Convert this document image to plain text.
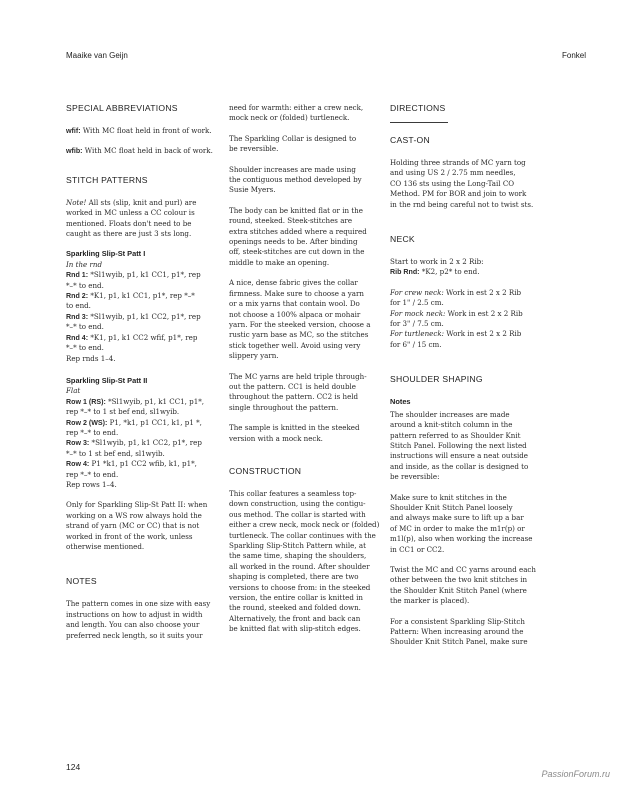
Maaike van Geijn	Fonkel
SPECIAL ABBREVIATIONS
wfif: With MC float held in front of work.
wfib: With MC float held in back of work.
STITCH PATTERNS
Note! All sts (slip, knit and purl) are
worked in MC unless a CC colour is
mentioned. Floats don't need to be
caught as there are just 3 sts long.
Sparkling Slip-St Patt I
In the rnd
Rnd 1: *Sl1wyib, p1, k1 CC1, p1*, rep
*–* to end.
Rnd 2: *K1, p1, k1 CC1, p1*, rep *–*
to end.
Rnd 3: *Sl1wyib, p1, k1 CC2, p1*, rep
*–* to end.
Rnd 4: *K1, p1, k1 CC2 wfif, p1*, rep
*–* to end.
Rep rnds 1–4.
Sparkling Slip-St Patt II
Flat
Row 1 (RS): *Sl1wyib, p1, k1 CC1, p1*,
rep *–* to 1 st bef end, sl1wyib.
Row 2 (WS): P1, *k1, p1 CC1, k1, p1 *,
rep *–* to end.
Row 3: *Sl1wyib, p1, k1 CC2, p1*, rep
*–* to 1 st bef end, sl1wyib.
Row 4: P1 *k1, p1 CC2 wfib, k1, p1*,
rep *–* to end.
Rep rows 1–4.
Only for Sparkling Slip-St Patt II: when
working on a WS row always hold the
strand of yarn (MC or CC) that is not
worked in front of the work, unless
otherwise mentioned.
NOTES
The pattern comes in one size with easy
instructions on how to adjust in width
and length. You can also choose your
preferred neck length, so it suits your
need for warmth: either a crew neck,
mock neck or (folded) turtleneck.
The Sparkling Collar is designed to
be reversible.
Shoulder increases are made using
the contiguous method developed by
Susie Myers.
The body can be knitted flat or in the
round, steeked. Steek-stitches are
extra stitches added where a required
openings needs to be. After binding
off, steek-stitches are cut down in the
middle to make an opening.
A nice, dense fabric gives the collar
firmness. Make sure to choose a yarn
or a mix yarns that contain wool. Do
not choose a 100% alpaca or mohair
yarn. For the steeked version, choose a
rustic yarn base as MC, so the stitches
stick together well. Avoid using very
slippery yarn.
The MC yarns are held triple through-
out the pattern. CC1 is held double
throughout the pattern. CC2 is held
single throughout the pattern.
The sample is knitted in the steeked
version with a mock neck.
CONSTRUCTION
This collar features a seamless top-
down construction, using the contigu-
ous method. The collar is started with
either a crew neck, mock neck or (folded)
turtleneck. The collar continues with the
Sparkling Slip-Stitch Pattern while, at
the same time, shaping the shoulders,
all worked in the round. After shoulder
shaping is completed, there are two
versions to choose from: in the steeked
version, the entire collar is knitted in
the round, steeked and folded down.
Alternatively, the front and back can
be knitted flat with slip-stitch edges.
DIRECTIONS
CAST-ON
Holding three strands of MC yarn tog
and using US 2 / 2.75 mm needles,
CO 136 sts using the Long-Tail CO
Method. PM for BOR and join to work
in the rnd being careful not to twist sts.
NECK
Start to work in 2 x 2 Rib:
Rib Rnd: *K2, p2* to end.
For crew neck: Work in est 2 x 2 Rib
for 1" / 2.5 cm.
For mock neck: Work in est 2 x 2 Rib
for 3" / 7.5 cm.
For turtleneck: Work in est 2 x 2 Rib
for 6" / 15 cm.
SHOULDER SHAPING
Notes
The shoulder increases are made
around a knit-stitch column in the
pattern referred to as Shoulder Knit
Stitch Panel. Following the next listed
instructions will ensure a neat outside
and inside, as the collar is designed to
be reversible:
Make sure to knit stitches in the
Shoulder Knit Stitch Panel loosely
and always make sure to lift up a bar
of MC in order to make the m1r(p) or
m1l(p), also when working the increase
in CC1 or CC2.
Twist the MC and CC yarns around each
other between the two knit stitches in
the Shoulder Knit Stitch Panel (where
the marker is placed).
For a consistent Sparkling Slip-Stitch
Pattern: When increasing around the
Shoulder Knit Stitch Panel, make sure
124
PassionForum.ru
